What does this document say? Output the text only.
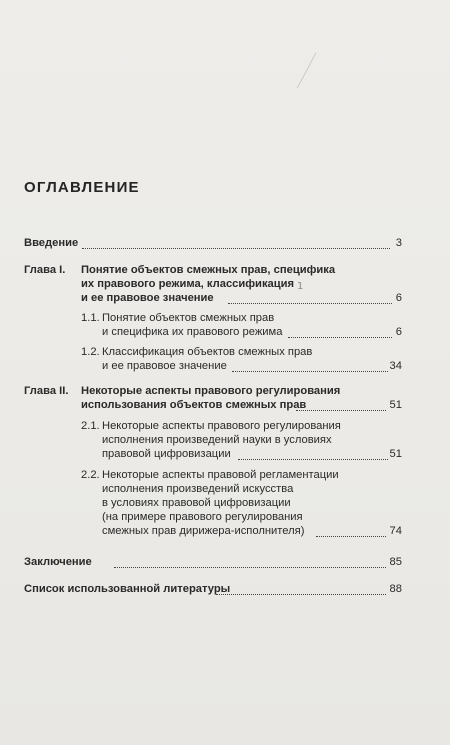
ОГЛАВЛЕНИЕ
Введение	3
Глава I. Понятие объектов смежных прав, специфика
их правового режима, классификация
и ее правовое значение	6
1
1.1. Понятие объектов смежных прав
и специфика их правового режима	6
1.2. Классификация объектов смежных прав
и ее правовое значение	34
Глава II. Некоторые аспекты правового регулирования
использования объектов смежных прав	51
2.1. Некоторые аспекты правового регулирования
исполнения произведений науки в условиях
правовой цифровизации	51
2.2. Некоторые аспекты правовой регламентации
исполнения произведений искусства
в условиях правовой цифровизации
(на примере правового регулирования
смежных прав дирижера-исполнителя)	74
Заключение	85
Список использованной литературы	88
